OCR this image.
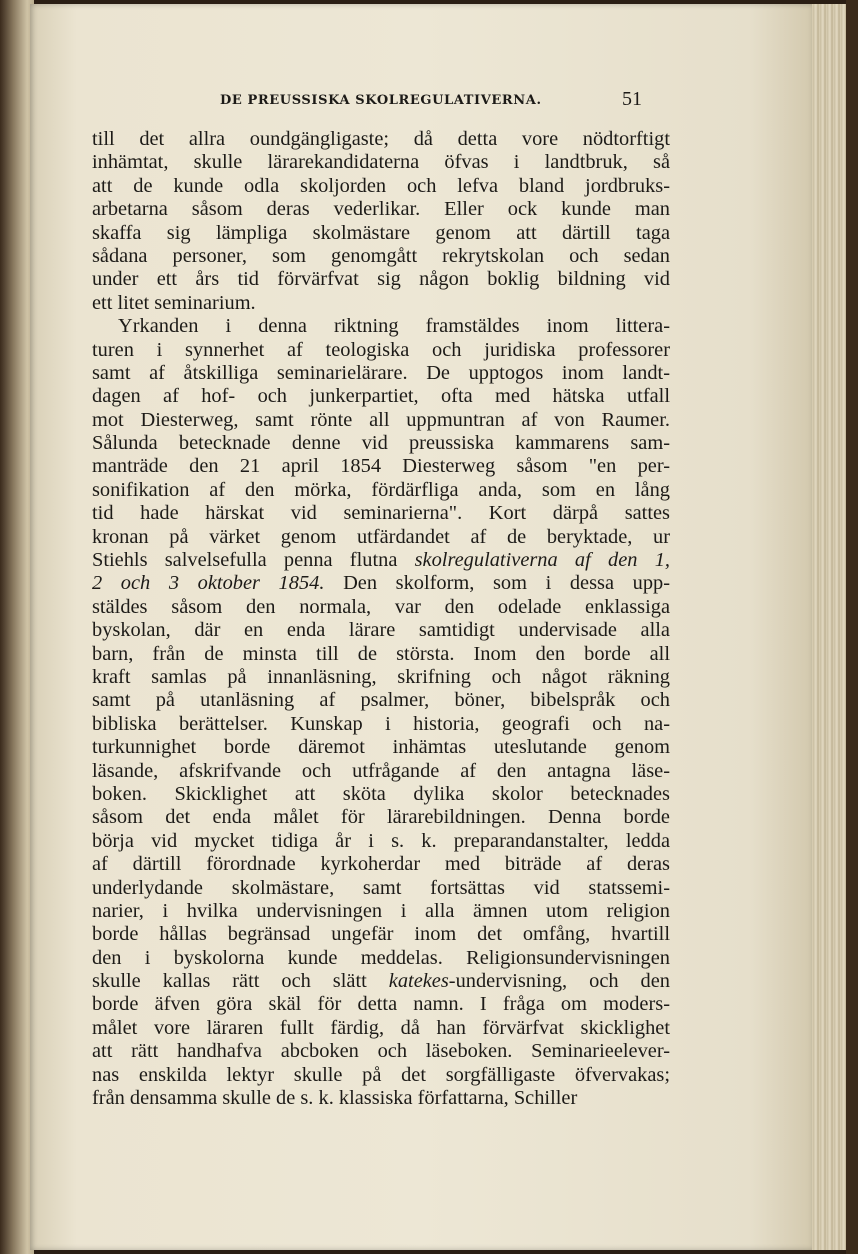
DE PREUSSISKA SKOLREGULATIVERNA.	51
till det allra oundgängligaste; då detta vore nödtorftigt
inhämtat, skulle lärarekandidaterna öfvas i landtbruk, så
att de kunde odla skoljorden och lefva bland jordbruks-
arbetarna såsom deras vederlikar. Eller ock kunde man
skaffa sig lämpliga skolmästare genom att därtill taga
sådana personer, som genomgått rekrytskolan och sedan
under ett års tid förvärfvat sig någon boklig bildning vid
ett litet seminarium.
Yrkanden i denna riktning framstäldes inom littera-
turen i synnerhet af teologiska och juridiska professorer
samt af åtskilliga seminarielärare. De upptogos inom landt-
dagen af hof- och junkerpartiet, ofta med hätska utfall
mot Diesterweg, samt rönte all uppmuntran af von Raumer.
Sålunda betecknade denne vid preussiska kammarens sam-
manträde den 21 april 1854 Diesterweg såsom "en per-
sonifikation af den mörka, fördärfliga anda, som en lång
tid hade härskat vid seminarierna". Kort därpå sattes
kronan på värket genom utfärdandet af de beryktade, ur
Stiehls salvelsefulla penna flutna skolregulativerna af den 1,
2 och 3 oktober 1854. Den skolform, som i dessa upp-
stäldes såsom den normala, var den odelade enklassiga
byskolan, där en enda lärare samtidigt undervisade alla
barn, från de minsta till de största. Inom den borde all
kraft samlas på innanläsning, skrifning och något räkning
samt på utanläsning af psalmer, böner, bibelspråk och
bibliska berättelser. Kunskap i historia, geografi och na-
turkunnighet borde däremot inhämtas uteslutande genom
läsande, afskrifvande och utfrågande af den antagna läse-
boken. Skicklighet att sköta dylika skolor betecknades
såsom det enda målet för lärarebildningen. Denna borde
börja vid mycket tidiga år i s. k. preparandanstalter, ledda
af därtill förordnade kyrkoherdar med biträde af deras
underlydande skolmästare, samt fortsättas vid statssemi-
narier, i hvilka undervisningen i alla ämnen utom religion
borde hållas begränsad ungefär inom det omfång, hvartill
den i byskolorna kunde meddelas. Religionsundervisningen
skulle kallas rätt och slätt katekes-undervisning, och den
borde äfven göra skäl för detta namn. I fråga om moders-
målet vore läraren fullt färdig, då han förvärfvat skicklighet
att rätt handhafva abcboken och läseboken. Seminarieelever-
nas enskilda lektyr skulle på det sorgfälligaste öfvervakas;
från densamma skulle de s. k. klassiska författarna, Schiller
